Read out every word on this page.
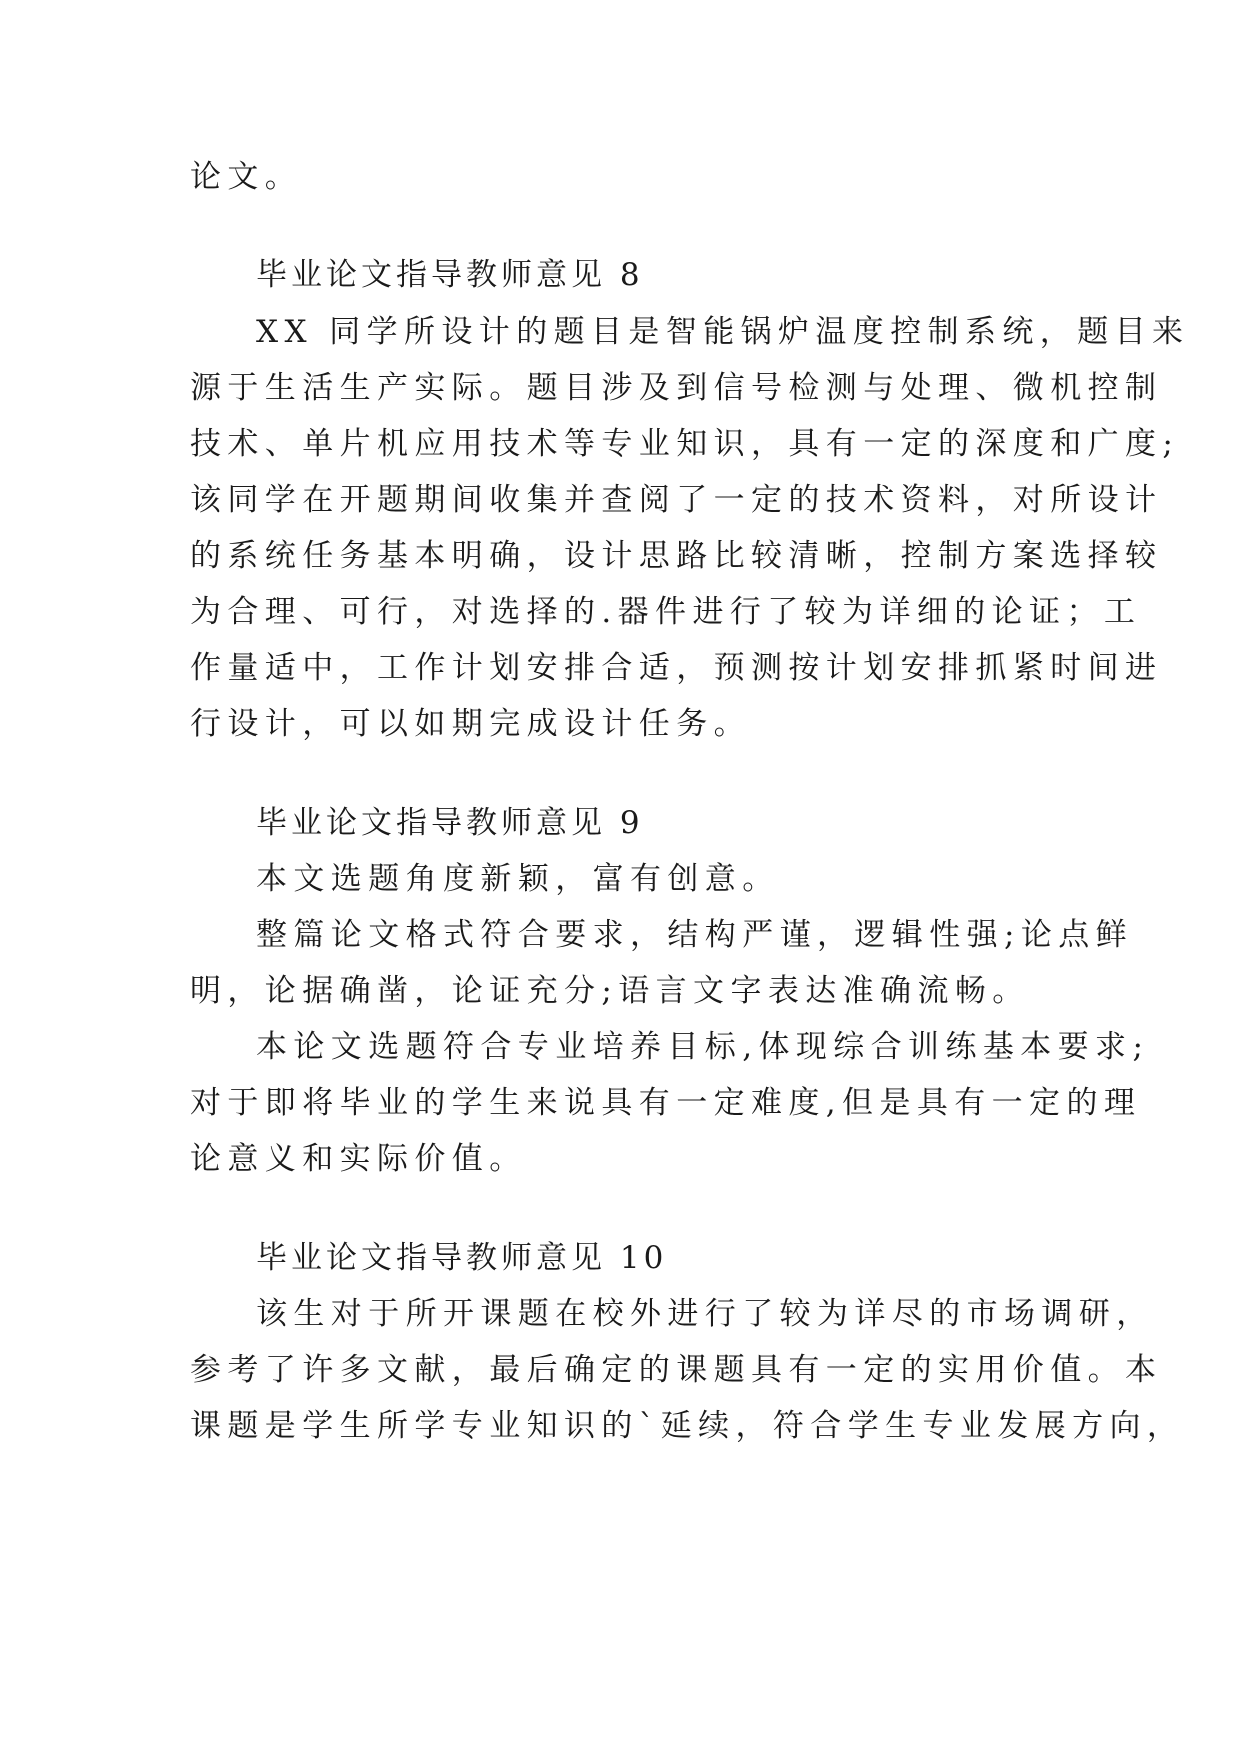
论文。
毕业论文指导教师意见 8
XX 同学所设计的题目是智能锅炉温度控制系统，题目来
源于生活生产实际。题目涉及到信号检测与处理、微机控制
技术、单片机应用技术等专业知识，具有一定的深度和广度;
该同学在开题期间收集并查阅了一定的技术资料，对所设计
的系统任务基本明确，设计思路比较清晰，控制方案选择较
为合理、可行，对选择的.器件进行了较为详细的论证；工
作量适中，工作计划安排合适，预测按计划安排抓紧时间进
行设计，可以如期完成设计任务。
毕业论文指导教师意见 9
本文选题角度新颖，富有创意。
整篇论文格式符合要求，结构严谨，逻辑性强;论点鲜
明，论据确凿，论证充分;语言文字表达准确流畅。
本论文选题符合专业培养目标,体现综合训练基本要求;
对于即将毕业的学生来说具有一定难度,但是具有一定的理
论意义和实际价值。
毕业论文指导教师意见 10
该生对于所开课题在校外进行了较为详尽的市场调研，
参考了许多文献，最后确定的课题具有一定的实用价值。本
课题是学生所学专业知识的`延续，符合学生专业发展方向，
